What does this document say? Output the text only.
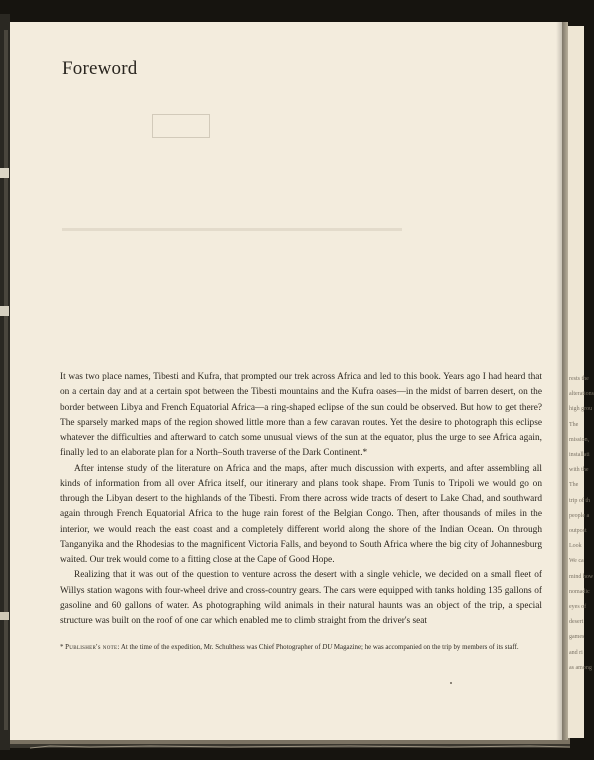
rests the
alterations
high grou
The
mission,
installati
with the
The
trip of th
people a
outpost
Look
We ca
mind how
nomadic
eyes of
desert
games
and ri
as among
Foreword

It was two place names, Tibesti and Kufra, that prompted our trek across Africa and led to this book. Years ago I had heard that on a certain day and at a certain spot between the Tibesti mountains and the Kufra oases—in the midst of barren desert, on the border between Libya and French Equatorial Africa—a ring-shaped eclipse of the sun could be observed. But how to get there? The sparsely marked maps of the region showed little more than a few caravan routes. Yet the desire to photograph this eclipse whatever the difficulties and afterward to catch some unusual views of the sun at the equator, plus the urge to see Africa again, finally led to an elaborate plan for a North–South traverse of the Dark Continent.*

After intense study of the literature on Africa and the maps, after much discussion with experts, and after assembling all kinds of information from all over Africa itself, our itinerary and plans took shape. From Tunis to Tripoli we would go on through the Libyan desert to the highlands of the Tibesti. From there across wide tracts of desert to Lake Chad, and southward again through French Equatorial Africa to the huge rain forest of the Belgian Congo. Then, after thousands of miles in the interior, we would reach the east coast and a completely different world along the shore of the Indian Ocean. On through Tanganyika and the Rhodesias to the magnificent Victoria Falls, and beyond to South Africa where the big city of Johannesburg waited. Our trek would come to a fitting close at the Cape of Good Hope.

Realizing that it was out of the question to venture across the desert with a single vehicle, we decided on a small fleet of Willys station wagons with four-wheel drive and cross-country gears. The cars were equipped with tanks holding 135 gallons of gasoline and 60 gallons of water. As photographing wild animals in their natural haunts was an object of the trip, a special structure was built on the roof of one car which enabled me to climb straight from the driver's seat

* Publisher's note: At the time of the expedition, Mr. Schulthess was Chief Photographer of DU Magazine; he was accompanied on the trip by members of its staff.
